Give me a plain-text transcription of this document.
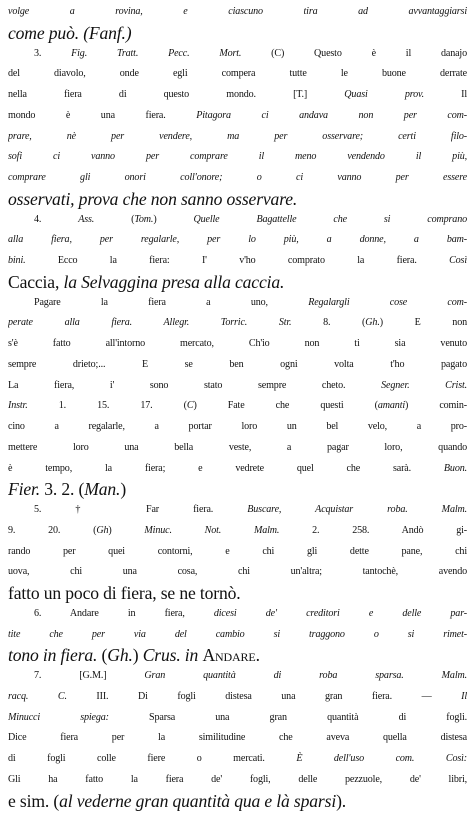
volge a rovina, e ciascuno tira ad avvantaggiarsi
come può. (Fanf.)
3. Fig. Tratt. Pecc. Mort. (C) Questo è il danajo
del diavolo, onde egli compera tutte le buone derrate
nella fiera di questo mondo. [T.] Quasi prov. Il
mondo è una fiera. Pitagora ci andava non per com-
prare, nè per vendere, ma per osservare; certi filo-
sofi ci vanno per comprare il meno vendendo il più,
comprare gli onori coll'onore; o ci vanno per essere
osservati, prova che non sanno osservare.
4. Ass. (Tom.) Quelle Bagattelle che si comprano
alla fiera, per regalarle, per lo più, a donne, a bam-
bini. Ecco la fiera: I' v'ho comprato la fiera. Così
Caccia, la Selvaggina presa alla caccia.
Pagare la fiera a uno, Regalargli cose com-
perate alla fiera. Allegr. Torric. Str. 8. (Gh.) E non
s'è fatto all'intorno mercato, Ch'io non ti sia venuto
sempre drieto;... E se ben ogni volta t'ho pagato
La fiera, i' sono stato sempre cheto. Segner. Crist.
Instr. 1. 15. 17. (C) Fate che questi (amanti) comin-
cino a regalarle, a portar loro un bel velo, a pro-
mettere loro una bella veste, a pagar loro, quando
è tempo, la fiera; e vedrete quel che sarà. Buon.
Fier. 3. 2. (Man.)
5. † Far fiera. Buscare, Acquistar roba. Malm.
9. 20. (Gh) Minuc. Not. Malm. 2. 258. Andò gi-
rando per quei contorni, e chi gli dette pane, chi
uova, chi una cosa, chi un'altra; tantochè, avendo
fatto un poco di fiera, se ne tornò.
6. Andare in fiera, dicesi de' creditori e delle par-
tite che per via del cambio si traggono o si rimet-
tono in fiera. (Gh.) Crus. in Andare.
7. [G.M.] Gran quantità di roba sparsa. Malm.
racq. C. III. Di fogli distesa una gran fiera. — Il
Minucci spiega: Sparsa una gran quantità di fogli.
Dice fiera per la similitudine che aveva quella distesa
di fogli colle fiere o mercati. È dell'uso com. Così:
Gli ha fatto la fiera de' fogli, delle pezzuole, de' libri,
e sim. (al vederne gran quantità qua e là sparsi).
